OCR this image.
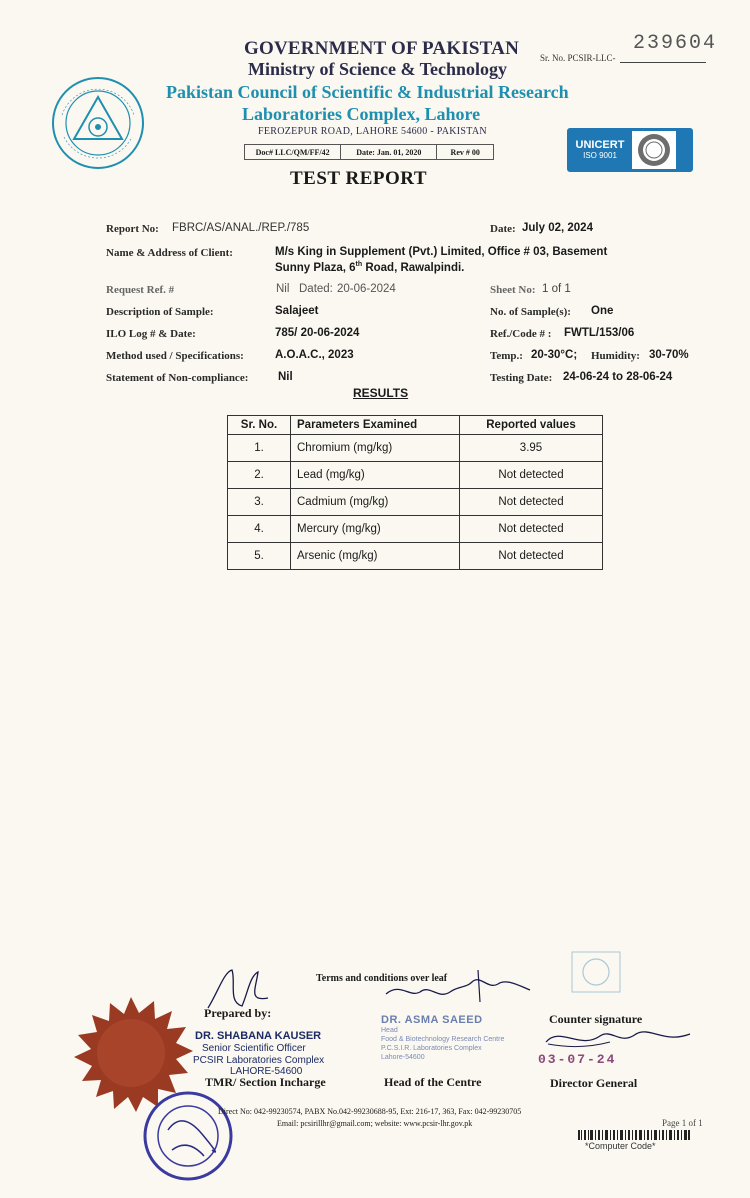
GOVERNMENT OF PAKISTAN
Ministry of Science & Technology
Pakistan Council of Scientific & Industrial Research
Laboratories Complex, Lahore
FEROZEPUR ROAD, LAHORE 54600 - PAKISTAN
Sr. No. PCSIR-LLC-
239604
Doc# LLC/QM/FF/42	Date: Jan. 01, 2020	Rev # 00
UNICERT
ISO 9001
TEST REPORT
Report No: FBRC/AS/ANAL./REP./785	Date: July 02, 2024
Name & Address of Client:	M/s King in Supplement (Pvt.) Limited, Office # 03, Basement
Sunny Plaza, 6th Road, Rawalpindi.
Request Ref. #	Nil Dated: 20-06-2024	Sheet No: 1 of 1
Description of Sample:	Salajeet	No. of Sample(s): One
ILO Log # & Date:	785/ 20-06-2024	Ref./Code # : FWTL/153/06
Method used / Specifications:	A.O.A.C., 2023	Temp.: 20-30°C; Humidity: 30-70%
Statement of Non-compliance:	Nil	Testing Date: 24-06-24 to 28-06-24
RESULTS
Sr. No.	Parameters Examined	Reported values
1.	Chromium (mg/kg)	3.95
2.	Lead (mg/kg)	Not detected
3.	Cadmium (mg/kg)	Not detected
4.	Mercury (mg/kg)	Not detected
5.	Arsenic (mg/kg)	Not detected
Terms and conditions over leaf
Prepared by:
DR. SHABANA KAUSER
Senior Scientific Officer
PCSIR Laboratories Complex
LAHORE-54600
TMR/ Section Incharge
DR. ASMA SAEED
Head
Food & Biotechnology Research Centre
P.C.S.I.R. Laboratories Complex
Lahore-54600
Head of the Centre
Counter signature
03-07-24
Director General
Direct No: 042-99230574, PABX No.042-99230688-95, Ext: 216-17, 363, Fax: 042-99230705
Email: pcsirillhr@gmail.com; website: www.pcsir-lhr.gov.pk	Page 1 of 1
*Computer Code*
